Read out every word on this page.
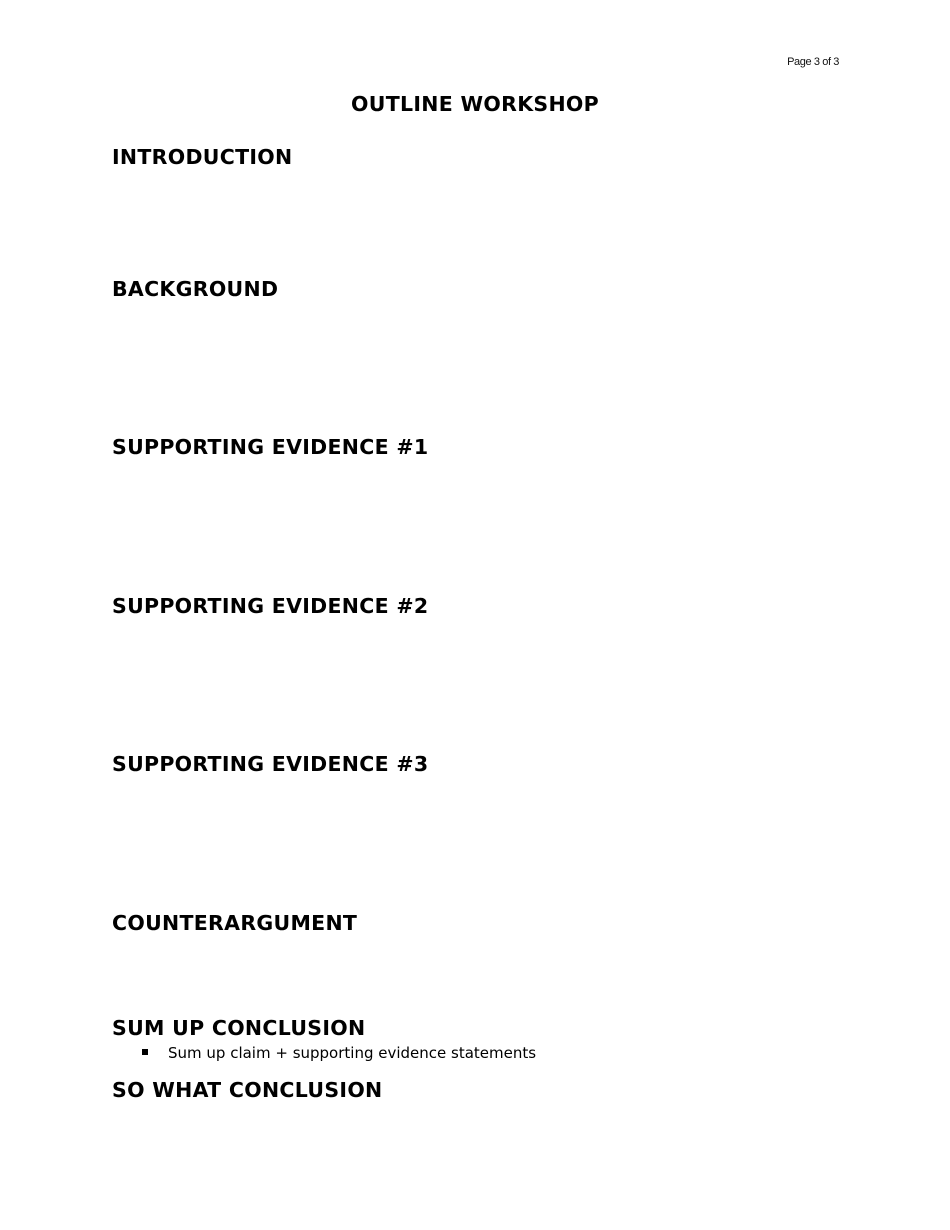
Page 3 of 3
OUTLINE WORKSHOP
INTRODUCTION
BACKGROUND
SUPPORTING EVIDENCE #1
SUPPORTING EVIDENCE #2
SUPPORTING EVIDENCE #3
COUNTERARGUMENT
SUM UP CONCLUSION
Sum up claim + supporting evidence statements
SO WHAT CONCLUSION
